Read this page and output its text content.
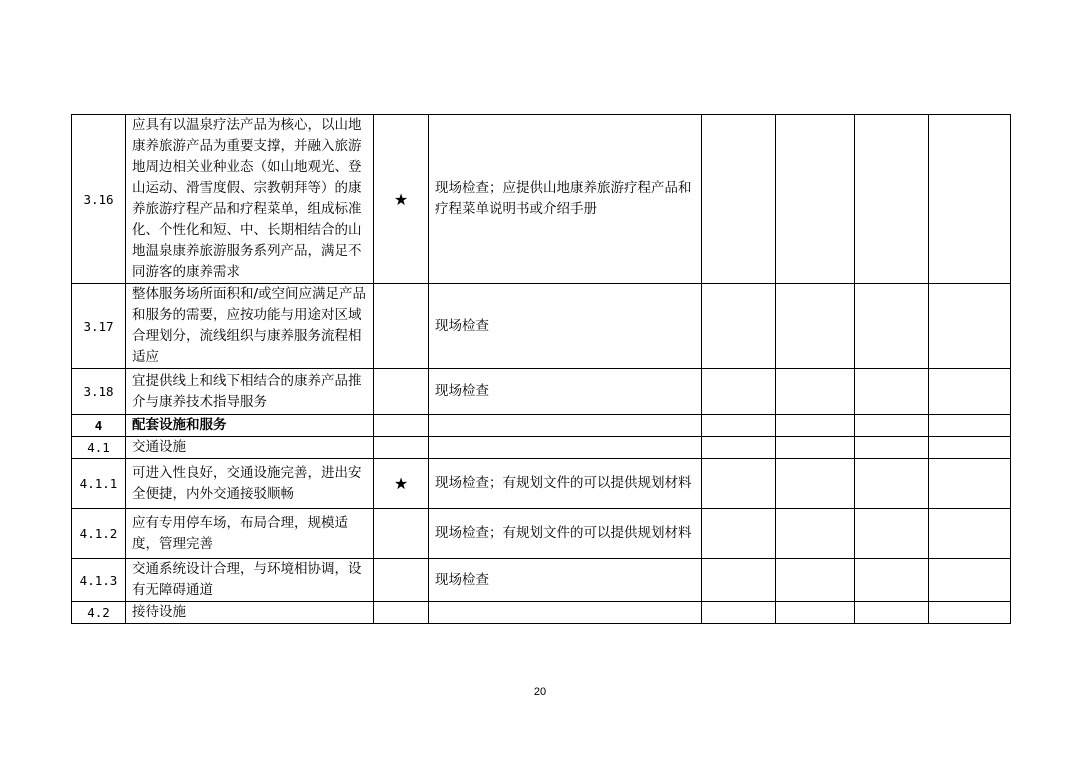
3.16	应具有以温泉疗法产品为核心，以山地康养旅游产品为重要支撑，并融入旅游地周边相关业种业态（如山地观光、登山运动、滑雪度假、宗教朝拜等）的康养旅游疗程产品和疗程菜单，组成标准化、个性化和短、中、长期相结合的山地温泉康养旅游服务系列产品，满足不同游客的康养需求	★	现场检查；应提供山地康养旅游疗程产品和疗程菜单说明书或介绍手册				
3.17	整体服务场所面积和/或空间应满足产品和服务的需要，应按功能与用途对区域合理划分，流线组织与康养服务流程相适应		现场检查				
3.18	宜提供线上和线下相结合的康养产品推介与康养技术指导服务		现场检查				
4	配套设施和服务						
4.1	交通设施						
4.1.1	可进入性良好，交通设施完善，进出安全便捷，内外交通接驳顺畅	★	现场检查；有规划文件的可以提供规划材料				
4.1.2	应有专用停车场，布局合理，规模适度，管理完善		现场检查；有规划文件的可以提供规划材料				
4.1.3	交通系统设计合理，与环境相协调，设有无障碍通道		现场检查				
4.2	接待设施						
20
